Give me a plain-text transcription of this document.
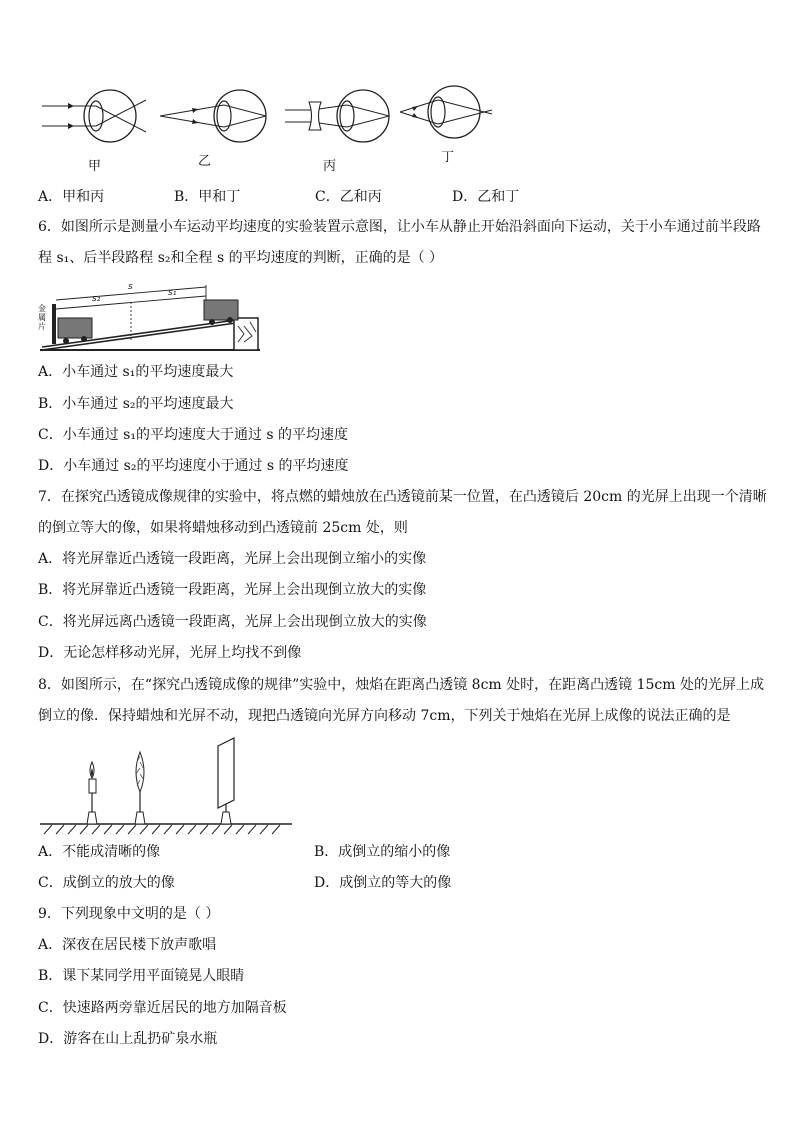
甲	乙	丙
丁
A．甲和丙	B．甲和丁	C．乙和丙	D．乙和丁
6．如图所示是测量小车运动平均速度的实验装置示意图，让小车从静止开始沿斜面向下运动，关于小车通过前半段路
程 s₁、后半段路程 s₂和全程 s 的平均速度的判断，正确的是（ ）
s
s₂
s₁
金属片
A．小车通过 s₁的平均速度最大
B．小车通过 s₂的平均速度最大
C．小车通过 s₁的平均速度大于通过 s 的平均速度
D．小车通过 s₂的平均速度小于通过 s 的平均速度
7．在探究凸透镜成像规律的实验中，将点燃的蜡烛放在凸透镜前某一位置，在凸透镜后 20cm 的光屏上出现一个清晰
的倒立等大的像，如果将蜡烛移动到凸透镜前 25cm 处，则
A．将光屏靠近凸透镜一段距离，光屏上会出现倒立缩小的实像
B．将光屏靠近凸透镜一段距离，光屏上会出现倒立放大的实像
C．将光屏远离凸透镜一段距离，光屏上会出现倒立放大的实像
D．无论怎样移动光屏，光屏上均找不到像
8．如图所示，在“探究凸透镜成像的规律”实验中，烛焰在距离凸透镜 8cm 处时，在距离凸透镜 15cm 处的光屏上成
倒立的像．保持蜡烛和光屏不动，现把凸透镜向光屏方向移动 7cm，下列关于烛焰在光屏上成像的说法正确的是
A．不能成清晰的像	B．成倒立的缩小的像
C．成倒立的放大的像	D．成倒立的等大的像
9．下列现象中文明的是（ ）
A．深夜在居民楼下放声歌唱
B．课下某同学用平面镜晃人眼睛
C．快速路两旁靠近居民的地方加隔音板
D．游客在山上乱扔矿泉水瓶
